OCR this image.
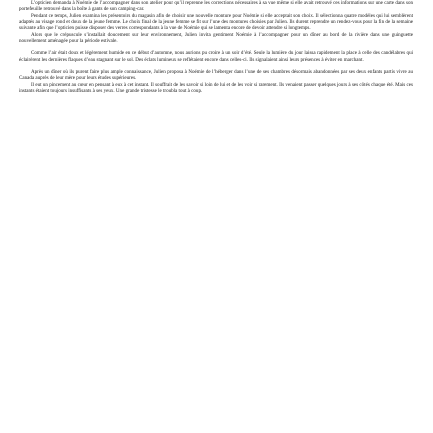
L’opticien demanda à Noémie de l’accompagner dans son atelier pour qu’il reprenne les corrections nécessaires à sa vue même si elle avait retrouvé ces informations sur une carte dans son portefeuille retrouvé dans la boîte à gants de son camping-car.

Pendant ce temps, Julien examina les présentoirs du magasin afin de choisir une nouvelle monture pour Noémie si elle acceptait son choix. Il sélectionna quatre modèles qui lui semblèrent adaptés au visage rond et doux de la jeune femme. Le choix final de la jeune femme se fit sur l’une des montures choisies par Julien. Ils durent reprendre un rendez-vous pour la fin de la semaine suivante afin que l’opticien puisse disposer des verres correspondants à la vue de Noémie qui se lamenta encore de devoir attendre si longtemps.

Alors que le crépuscule s’installait doucement sur leur environnement, Julien invita gentiment Noémie à l’accompagner pour un dîner au bord de la rivière dans une guinguette nouvellement aménagée pour la période estivale.

Comme l’air était doux et légèrement humide en ce début d’automne, nous aurions pu croire à un soir d’été. Seule la lumière du jour laissa rapidement la place à celle des candélabres qui éclairèrent les dernières flaques d’eau stagnant sur le sol. Des éclats lumineux se reflétaient encore dans celles-ci. Ils signalaient ainsi leurs présences à éviter en marchant.

Après un dîner où ils purent faire plus ample connaissance, Julien proposa à Noémie de l’héberger dans l’une de ses chambres désormais abandonnées par ses deux enfants partis vivre au Canada auprès de leur mère pour leurs études supérieures.

Il eut un pincement au cœur en pensant à eux à cet instant. Il souffrait de les savoir si loin de lui et de les voir si rarement. Ils venaient passer quelques jours à ses côtés chaque été. Mais ces instants étaient toujours insuffisants à ses yeux. Une grande tristesse le troubla tout à coup.
